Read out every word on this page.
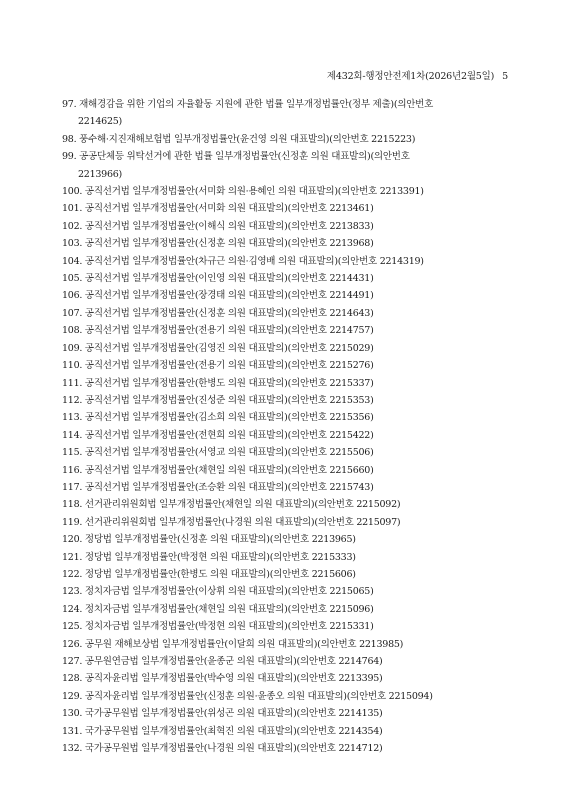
제432회-행정안전제1차(2026년2월5일) 5
97. 재해경감을 위한 기업의 자율활동 지원에 관한 법률 일부개정법률안(정부 제출)(의안번호
2214625)
98. 풍수해·지진재해보험법 일부개정법률안(윤건영 의원 대표발의)(의안번호 2215223)
99. 공공단체등 위탁선거에 관한 법률 일부개정법률안(신정훈 의원 대표발의)(의안번호
2213966)
100. 공직선거법 일부개정법률안(서미화 의원·용혜인 의원 대표발의)(의안번호 2213391)
101. 공직선거법 일부개정법률안(서미화 의원 대표발의)(의안번호 2213461)
102. 공직선거법 일부개정법률안(이해식 의원 대표발의)(의안번호 2213833)
103. 공직선거법 일부개정법률안(신정훈 의원 대표발의)(의안번호 2213968)
104. 공직선거법 일부개정법률안(차규근 의원·김영배 의원 대표발의)(의안번호 2214319)
105. 공직선거법 일부개정법률안(이인영 의원 대표발의)(의안번호 2214431)
106. 공직선거법 일부개정법률안(장경태 의원 대표발의)(의안번호 2214491)
107. 공직선거법 일부개정법률안(신정훈 의원 대표발의)(의안번호 2214643)
108. 공직선거법 일부개정법률안(전용기 의원 대표발의)(의안번호 2214757)
109. 공직선거법 일부개정법률안(김영진 의원 대표발의)(의안번호 2215029)
110. 공직선거법 일부개정법률안(전용기 의원 대표발의)(의안번호 2215276)
111. 공직선거법 일부개정법률안(한병도 의원 대표발의)(의안번호 2215337)
112. 공직선거법 일부개정법률안(진성준 의원 대표발의)(의안번호 2215353)
113. 공직선거법 일부개정법률안(김소희 의원 대표발의)(의안번호 2215356)
114. 공직선거법 일부개정법률안(전현희 의원 대표발의)(의안번호 2215422)
115. 공직선거법 일부개정법률안(서영교 의원 대표발의)(의안번호 2215506)
116. 공직선거법 일부개정법률안(채현일 의원 대표발의)(의안번호 2215660)
117. 공직선거법 일부개정법률안(조승환 의원 대표발의)(의안번호 2215743)
118. 선거관리위원회법 일부개정법률안(채현일 의원 대표발의)(의안번호 2215092)
119. 선거관리위원회법 일부개정법률안(나경원 의원 대표발의)(의안번호 2215097)
120. 정당법 일부개정법률안(신정훈 의원 대표발의)(의안번호 2213965)
121. 정당법 일부개정법률안(박정현 의원 대표발의)(의안번호 2215333)
122. 정당법 일부개정법률안(한병도 의원 대표발의)(의안번호 2215606)
123. 정치자금법 일부개정법률안(이상휘 의원 대표발의)(의안번호 2215065)
124. 정치자금법 일부개정법률안(채현일 의원 대표발의)(의안번호 2215096)
125. 정치자금법 일부개정법률안(박정현 의원 대표발의)(의안번호 2215331)
126. 공무원 재해보상법 일부개정법률안(이달희 의원 대표발의)(의안번호 2213985)
127. 공무원연금법 일부개정법률안(윤종군 의원 대표발의)(의안번호 2214764)
128. 공직자윤리법 일부개정법률안(박수영 의원 대표발의)(의안번호 2213395)
129. 공직자윤리법 일부개정법률안(신정훈 의원·윤종오 의원 대표발의)(의안번호 2215094)
130. 국가공무원법 일부개정법률안(위성곤 의원 대표발의)(의안번호 2214135)
131. 국가공무원법 일부개정법률안(최혁진 의원 대표발의)(의안번호 2214354)
132. 국가공무원법 일부개정법률안(나경원 의원 대표발의)(의안번호 2214712)
